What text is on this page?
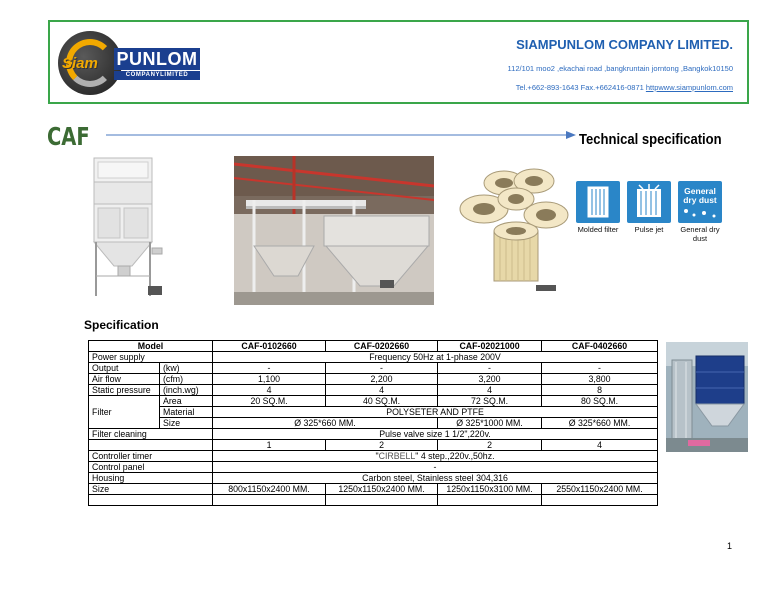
Siam PUNLOM
COMPANYLIMITED
SIAMPUNLOM COMPANY LIMITED.
112/101 moo2 ,ekachai road ,bangkruntain jorntong ,Bangkok10150
Tel.+662-893-1643 Fax.+662416-0871 httpwww.siampunlom.com
CAF	Technical specification
Molded filter	Pulse jet
General dry dust
General dry dust
Specification
Model		CAF-0102660	CAF-0202660	CAF-02021000	CAF-0402660
Power supply		Frequency 50Hz at 1-phase 200V			
Output	(kw)	-	-	-	-
Air flow	(cfm)	1,100	2,200	3,200	3,800
Static pressure	(inch.wg)	4	4	4	8
Filter	Area	20 SQ.M.	40 SQ.M.	72 SQ.M.	80 SQ.M.
	Material	POLYSETER AND PTFE			
	Size	Ø 325*660 MM.		Ø 325*1000 MM.	Ø 325*660 MM.
Filter cleaning		Pulse valve size 1 1/2",220v.			
		1	2	2	4
Controller timer		"CIRBELL" 4 step.,220v.,50hz.			
Control panel		-			
Housing		Carbon steel, Stainless steel 304,316			
Size		800x1150x2400 MM.	1250x1150x2400 MM.	1250x1150x3100 MM.	2550x1150x2400 MM.

1
